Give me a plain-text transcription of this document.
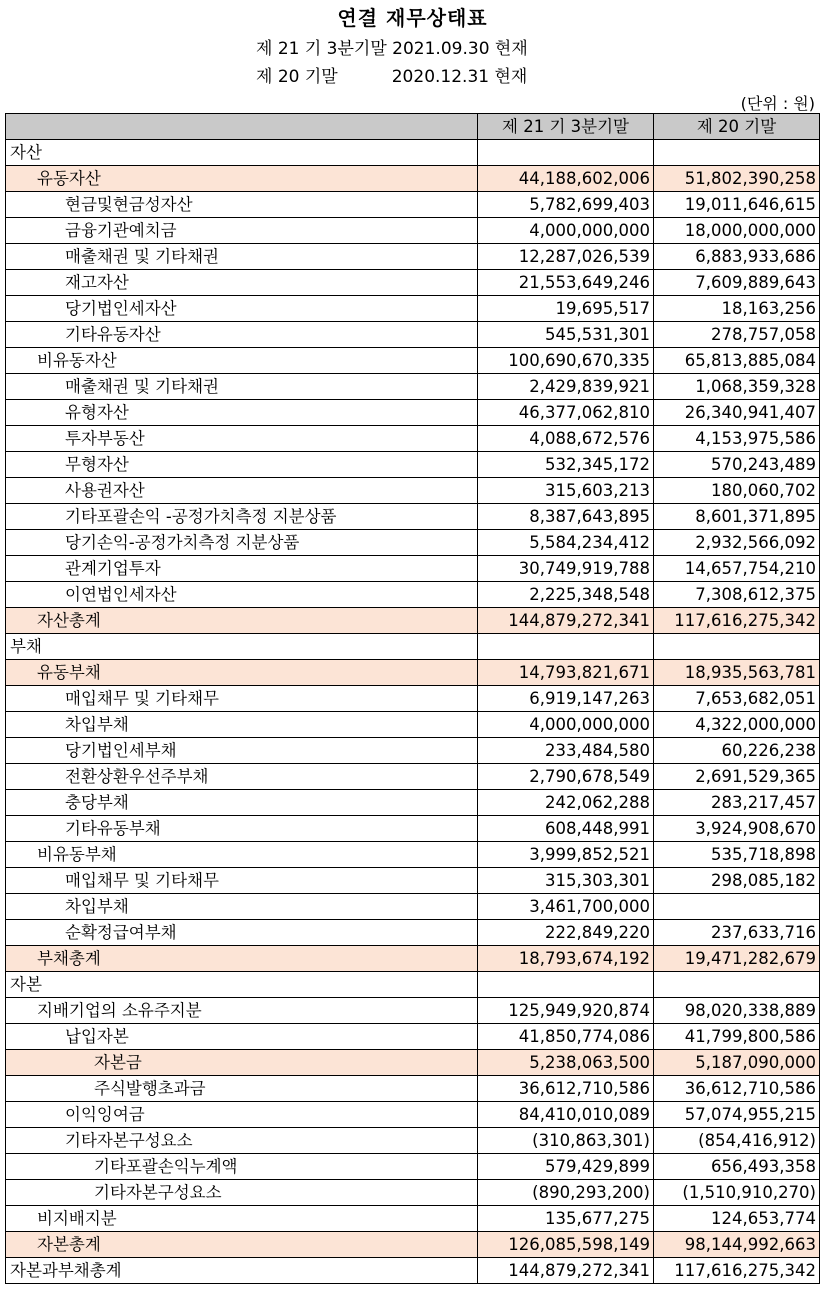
연결 재무상태표
제 21 기 3분기말 2021.09.30 현재
제 20 기말          2020.12.31 현재
(단위 : 원)
	제 21 기 3분기말	제 20 기말
자산		
유동자산	44,188,602,006	51,802,390,258
현금및현금성자산	5,782,699,403	19,011,646,615
금융기관예치금	4,000,000,000	18,000,000,000
매출채권 및 기타채권	12,287,026,539	6,883,933,686
재고자산	21,553,649,246	7,609,889,643
당기법인세자산	19,695,517	18,163,256
기타유동자산	545,531,301	278,757,058
비유동자산	100,690,670,335	65,813,885,084
매출채권 및 기타채권	2,429,839,921	1,068,359,328
유형자산	46,377,062,810	26,340,941,407
투자부동산	4,088,672,576	4,153,975,586
무형자산	532,345,172	570,243,489
사용권자산	315,603,213	180,060,702
기타포괄손익 -공정가치측정 지분상품	8,387,643,895	8,601,371,895
당기손익-공정가치측정 지분상품	5,584,234,412	2,932,566,092
관계기업투자	30,749,919,788	14,657,754,210
이연법인세자산	2,225,348,548	7,308,612,375
자산총계	144,879,272,341	117,616,275,342
부채		
유동부채	14,793,821,671	18,935,563,781
매입채무 및 기타채무	6,919,147,263	7,653,682,051
차입부채	4,000,000,000	4,322,000,000
당기법인세부채	233,484,580	60,226,238
전환상환우선주부채	2,790,678,549	2,691,529,365
충당부채	242,062,288	283,217,457
기타유동부채	608,448,991	3,924,908,670
비유동부채	3,999,852,521	535,718,898
매입채무 및 기타채무	315,303,301	298,085,182
차입부채	3,461,700,000	
순확정급여부채	222,849,220	237,633,716
부채총계	18,793,674,192	19,471,282,679
자본		
지배기업의 소유주지분	125,949,920,874	98,020,338,889
납입자본	41,850,774,086	41,799,800,586
자본금	5,238,063,500	5,187,090,000
주식발행초과금	36,612,710,586	36,612,710,586
이익잉여금	84,410,010,089	57,074,955,215
기타자본구성요소	(310,863,301)	(854,416,912)
기타포괄손익누계액	579,429,899	656,493,358
기타자본구성요소	(890,293,200)	(1,510,910,270)
비지배지분	135,677,275	124,653,774
자본총계	126,085,598,149	98,144,992,663
자본과부채총계	144,879,272,341	117,616,275,342
